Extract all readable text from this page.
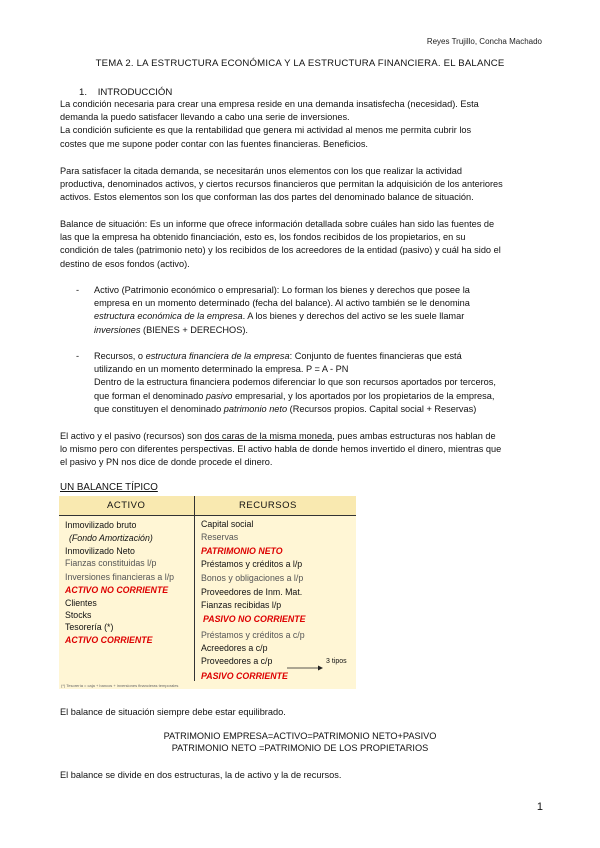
Reyes Trujillo, Concha Machado
TEMA 2. LA ESTRUCTURA ECONÓMICA Y LA ESTRUCTURA FINANCIERA. EL BALANCE
1. INTRODUCCIÓN

La condición necesaria para crear una empresa reside en una demanda insatisfecha (necesidad). Esta

demanda la puedo satisfacer llevando a cabo una serie de inversiones.

La condición suficiente es que la rentabilidad que genera mi actividad al menos me permita cubrir los

costes que me supone poder contar con las fuentes financieras. Beneficios.

Para satisfacer la citada demanda, se necesitarán unos elementos con los que realizar la actividad

productiva, denominados activos, y ciertos recursos financieros que permitan la adquisición de los anteriores

activos. Estos elementos son los que conforman las dos partes del denominado balance de situación.

Balance de situación: Es un informe que ofrece información detallada sobre cuáles han sido las fuentes de

las que la empresa ha obtenido financiación, esto es, los fondos recibidos de los propietarios, en su

condición de tales (patrimonio neto) y los recibidos de los acreedores de la entidad (pasivo) y cuál ha sido el

destino de esos fondos (activo).

- Activo (Patrimonio económico o empresarial): Lo forman los bienes y derechos que posee la

empresa en un momento determinado (fecha del balance). Al activo también se le denomina

estructura económica de la empresa. A los bienes y derechos del activo se les suele llamar

inversiones (BIENES + DERECHOS).

- Recursos, o estructura financiera de la empresa: Conjunto de fuentes financieras que está

utilizando en un momento determinado la empresa. P = A - PN

Dentro de la estructura financiera podemos diferenciar lo que son recursos aportados por terceros,

que forman el denominado pasivo empresarial, y los aportados por los propietarios de la empresa,

que constituyen el denominado patrimonio neto (Recursos propios. Capital social + Reservas)

El activo y el pasivo (recursos) son dos caras de la misma moneda, pues ambas estructuras nos hablan de

lo mismo pero con diferentes perspectivas. El activo habla de donde hemos invertido el dinero, mientras que

el pasivo y PN nos dice de donde procede el dinero.

UN BALANCE TÍPICO
ACTIVO	RECURSOS
Inmovilizado bruto
(Fondo Amortización)
Inmovilizado Neto
Fianzas constituidas l/p
Inversiones financieras a l/p
ACTIVO NO CORRIENTE
Clientes
Stocks
Tesorería (*)
ACTIVO CORRIENTE
Capital social
Reservas
PATRIMONIO NETO
Préstamos y créditos a l/p
Bonos y obligaciones a l/p
Proveedores de Inm. Mat.
Fianzas recibidas l/p
PASIVO NO CORRIENTE
Préstamos y créditos a c/p
Acreedores a c/p
Proveedores a c/p	3 tipos
PASIVO CORRIENTE
(*) Tesorería = caja + bancos + inversiones financieras temporales
El balance de situación siempre debe estar equilibrado.
PATRIMONIO EMPRESA=ACTIVO=PATRIMONIO NETO+PASIVO
PATRIMONIO NETO =PATRIMONIO DE LOS PROPIETARIOS
El balance se divide en dos estructuras, la de activo y la de recursos.
1
